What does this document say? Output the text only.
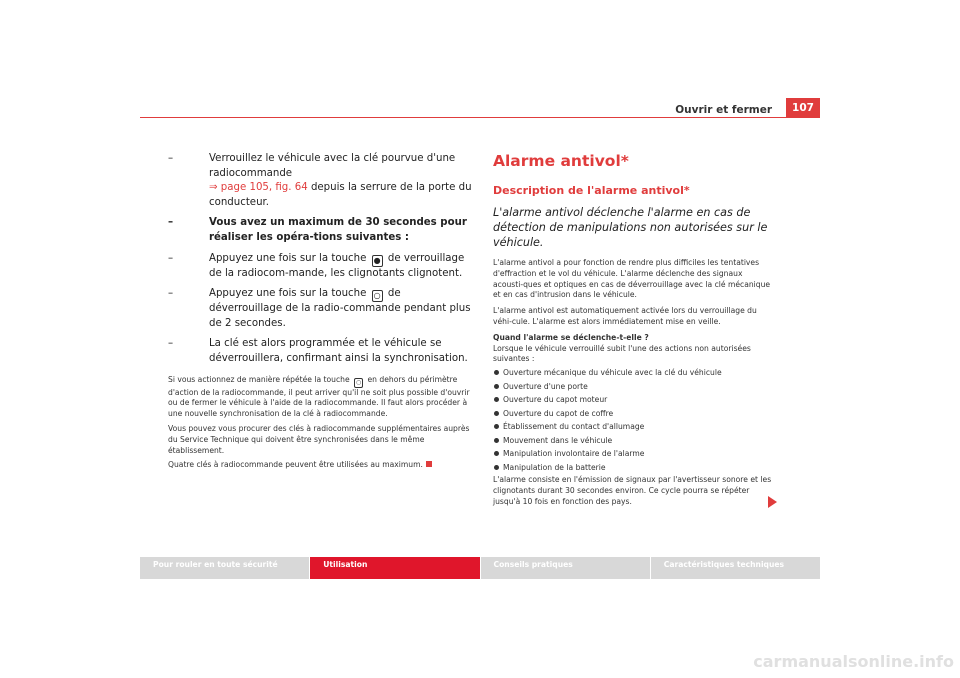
Ouvrir et fermer	107
–	Verrouillez le véhicule avec la clé pourvue d'une radiocommande
⇒ page 105, fig. 64 depuis la serrure de la porte du conducteur.
–	Vous avez un maximum de 30 secondes pour réaliser les opéra-tions suivantes :
–	Appuyez une fois sur la touche ● de verrouillage de la radiocom-mande, les clignotants clignotent.
–	Appuyez une fois sur la touche ○ de déverrouillage de la radio-commande pendant plus de 2 secondes.
–	La clé est alors programmée et le véhicule se déverrouillera, confirmant ainsi la synchronisation.

Si vous actionnez de manière répétée la touche ○ en dehors du périmètre d'action de la radiocommande, il peut arriver qu'il ne soit plus possible d'ouvrir ou de fermer le véhicule à l'aide de la radiocommande. Il faut alors procéder à une nouvelle synchronisation de la clé à radiocommande.

Vous pouvez vous procurer des clés à radiocommande supplémentaires auprès du Service Technique qui doivent être synchronisées dans le même établissement.

Quatre clés à radiocommande peuvent être utilisées au maximum.

Alarme antivol*
Description de l'alarme antivol*
L'alarme antivol déclenche l'alarme en cas de détection de manipulations non autorisées sur le véhicule.
L'alarme antivol a pour fonction de rendre plus difficiles les tentatives d'effraction et le vol du véhicule. L'alarme déclenche des signaux acousti-ques et optiques en cas de déverrouillage avec la clé mécanique et en cas d'intrusion dans le véhicule.
L'alarme antivol est automatiquement activée lors du verrouillage du véhi-cule. L'alarme est alors immédiatement mise en veille.
Quand l'alarme se déclenche-t-elle ?
Lorsque le véhicule verrouillé subit l'une des actions non autorisées suivantes :
Ouverture mécanique du véhicule avec la clé du véhicule
Ouverture d'une porte
Ouverture du capot moteur
Ouverture du capot de coffre
Établissement du contact d'allumage
Mouvement dans le véhicule
Manipulation involontaire de l'alarme
Manipulation de la batterie
L'alarme consiste en l'émission de signaux par l'avertisseur sonore et les clignotants durant 30 secondes environ. Ce cycle pourra se répéter jusqu'à 10 fois en fonction des pays.
Pour rouler en toute sécurité	Utilisation	Conseils pratiques	Caractéristiques techniques
carmanualsonline.info
